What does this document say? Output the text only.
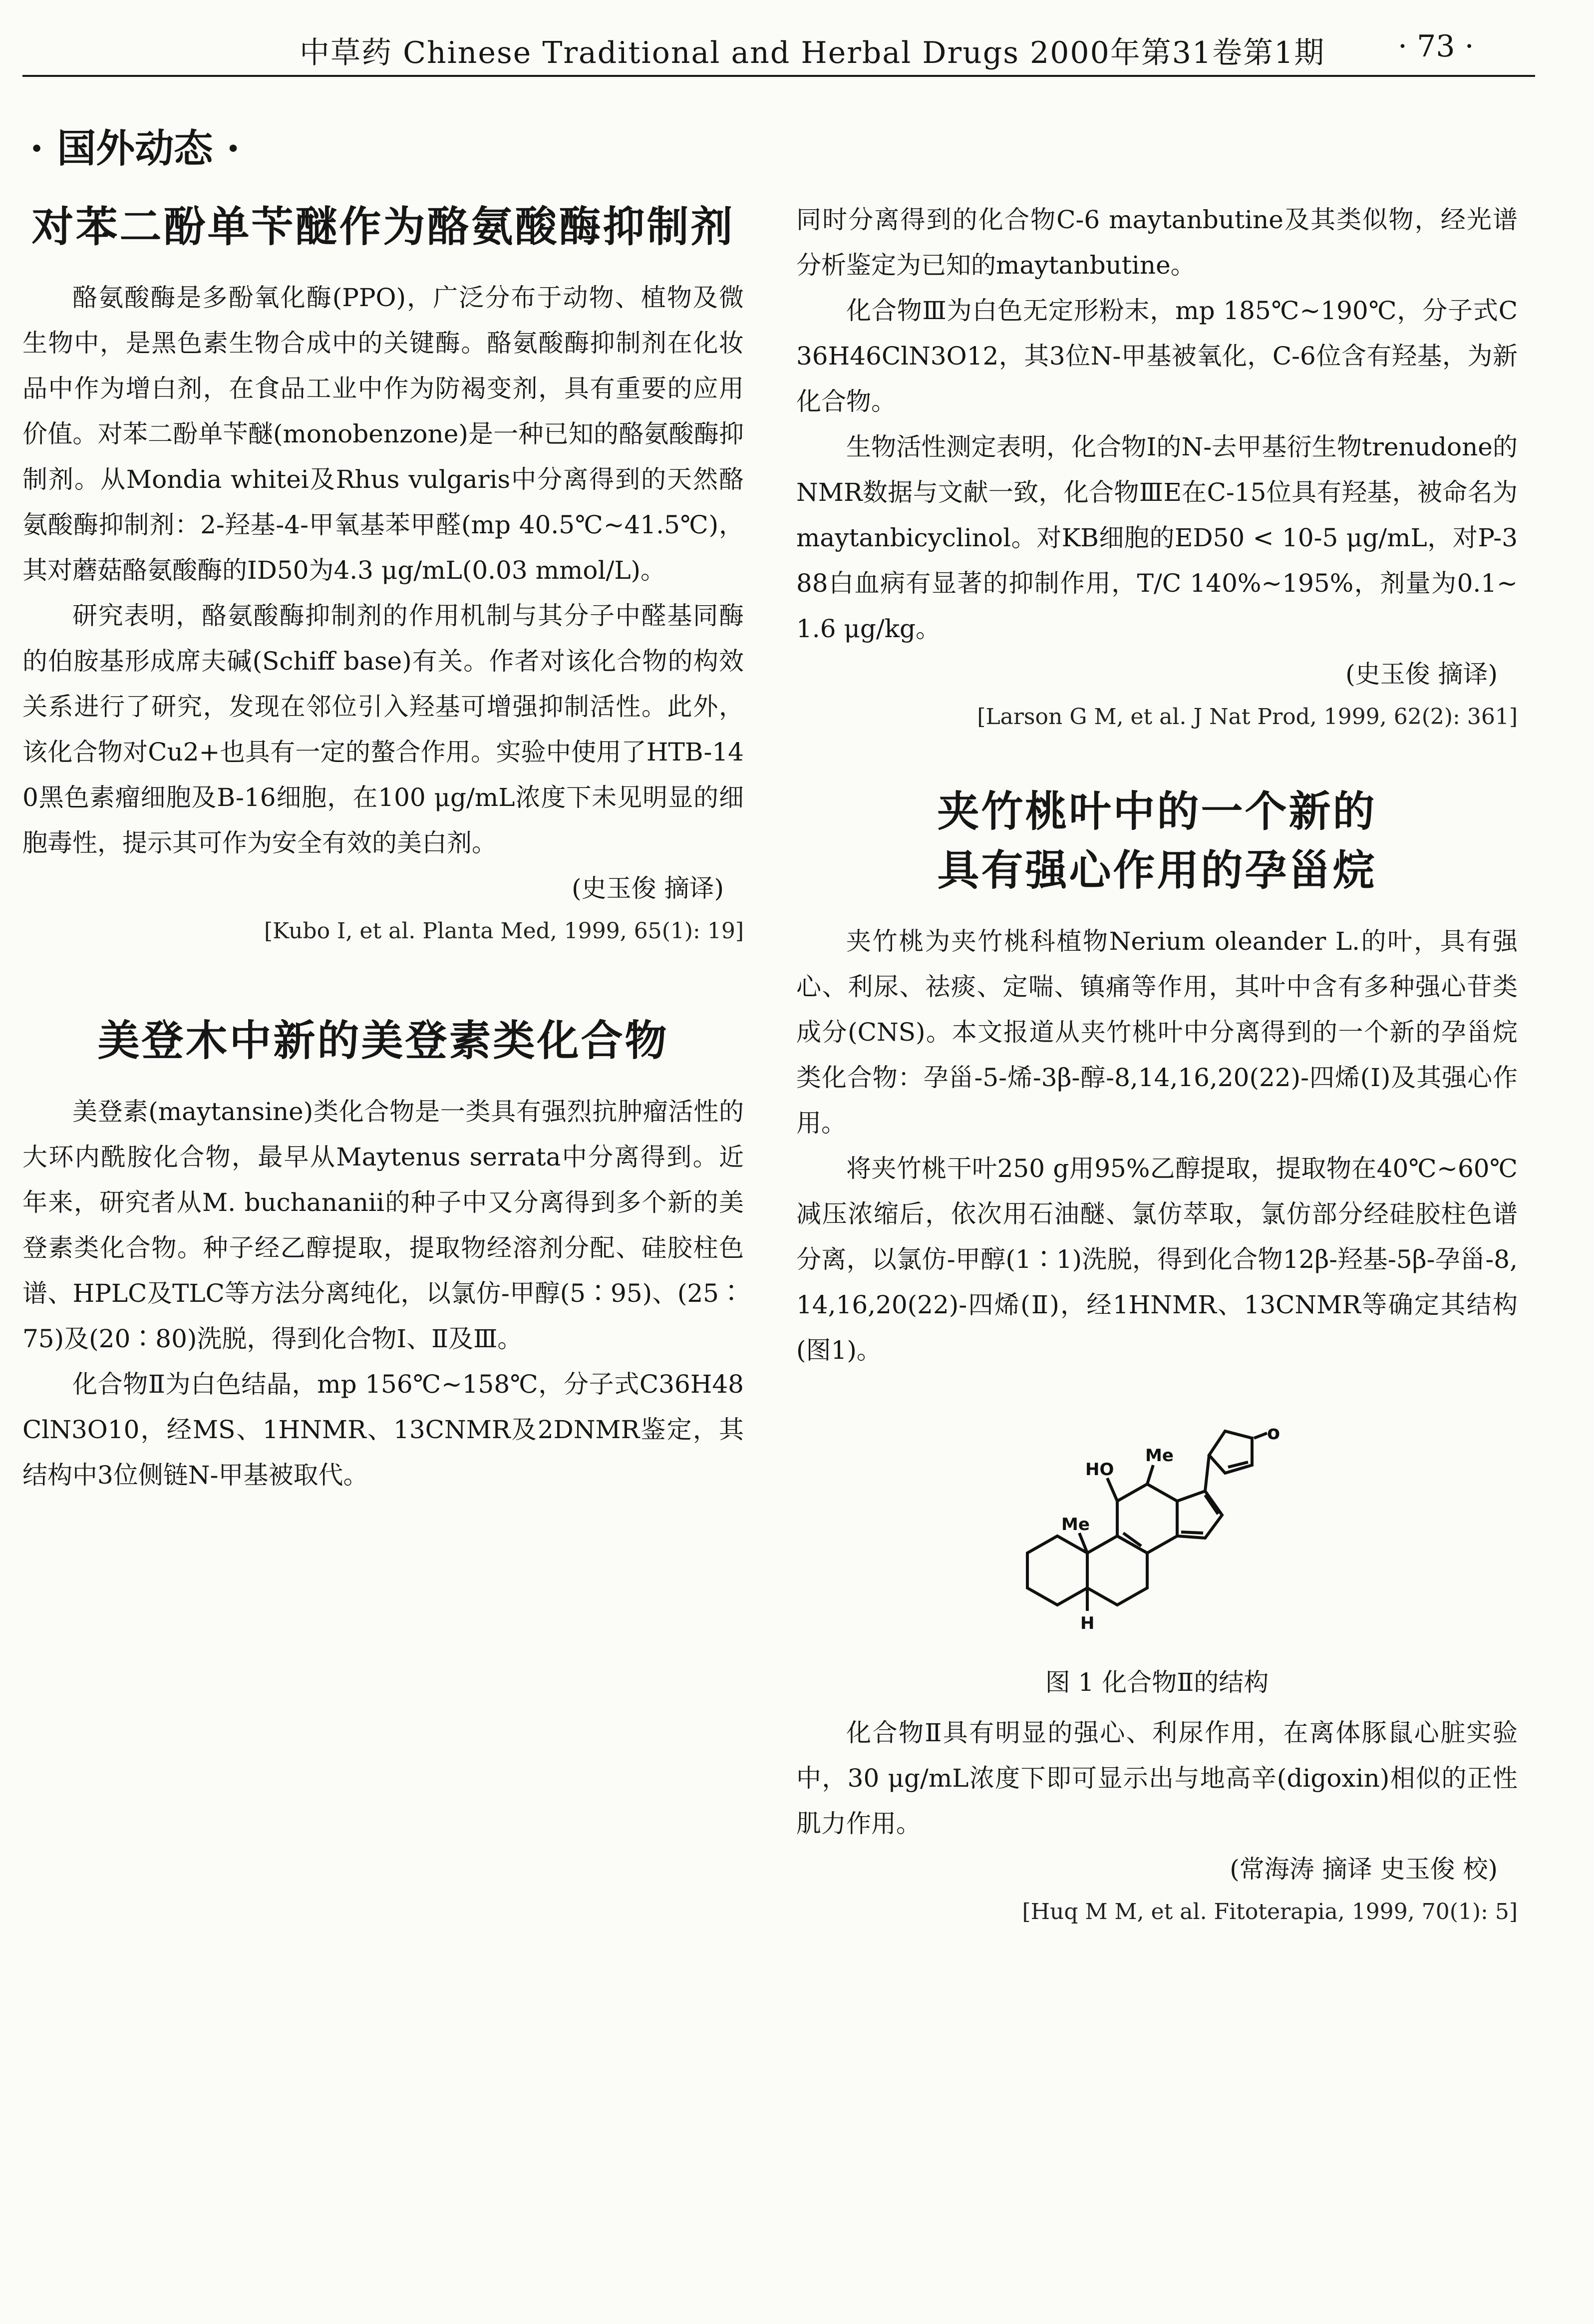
中草药 Chinese Traditional and Herbal Drugs 2000年第31卷第1期 · 73 ·
· 国外动态 ·
对苯二酚单苄醚作为酪氨酸酶抑制剂

酪氨酸酶是多酚氧化酶(PPO)，广泛分布于动物、植物及微生物中，是黑色素生物合成中的关键酶。酪氨酸酶抑制剂在化妆品中作为增白剂，在食品工业中作为防褐变剂，具有重要的应用价值。对苯二酚单苄醚(monobenzone)是一种已知的酪氨酸酶抑制剂。从Mondia whitei及Rhus vulgaris中分离得到的天然酪氨酸酶抑制剂：2-羟基-4-甲氧基苯甲醛(mp 40.5℃~41.5℃)，其对蘑菇酪氨酸酶的ID50为4.3 μg/mL(0.03 mmol/L)。

研究表明，酪氨酸酶抑制剂的作用机制与其分子中醛基同酶的伯胺基形成席夫碱(Schiff base)有关。作者对该化合物的构效关系进行了研究，发现在邻位引入羟基可增强抑制活性。此外，该化合物对Cu2+也具有一定的螯合作用。实验中使用了HTB-140黑色素瘤细胞及B-16细胞，在100 μg/mL浓度下未见明显的细胞毒性，提示其可作为安全有效的美白剂。

(史玉俊 摘译)

[Kubo I, et al. Planta Med, 1999, 65(1): 19]

美登木中新的美登素类化合物

美登素(maytansine)类化合物是一类具有强烈抗肿瘤活性的大环内酰胺化合物，最早从Maytenus serrata中分离得到。近年来，研究者从M. buchananii的种子中又分离得到多个新的美登素类化合物。种子经乙醇提取，提取物经溶剂分配、硅胶柱色谱、HPLC及TLC等方法分离纯化，以氯仿-甲醇(5∶95)、(25∶75)及(20∶80)洗脱，得到化合物Ⅰ、Ⅱ及Ⅲ。

化合物Ⅱ为白色结晶，mp 156℃~158℃，分子式C36H48ClN3O10，经MS、1HNMR、13CNMR及2DNMR鉴定，其结构中3位侧链N-甲基被取代。

同时分离得到的化合物C-6 maytanbutine及其类似物，经光谱分析鉴定为已知的maytanbutine。

化合物Ⅲ为白色无定形粉末，mp 185℃~190℃，分子式C36H46ClN3O12，其3位N-甲基被氧化，C-6位含有羟基，为新化合物。

生物活性测定表明，化合物Ⅰ的N-去甲基衍生物trenudone的NMR数据与文献一致，化合物ⅢE在C-15位具有羟基，被命名为maytanbicyclinol。对KB细胞的ED50 < 10-5 μg/mL，对P-388白血病有显著的抑制作用，T/C 140%~195%，剂量为0.1~1.6 μg/kg。

(史玉俊 摘译)

[Larson G M, et al. J Nat Prod, 1999, 62(2): 361]

夹竹桃叶中的一个新的
具有强心作用的孕甾烷

夹竹桃为夹竹桃科植物Nerium oleander L.的叶，具有强心、利尿、祛痰、定喘、镇痛等作用，其叶中含有多种强心苷类成分(CNS)。本文报道从夹竹桃叶中分离得到的一个新的孕甾烷类化合物：孕甾-5-烯-3β-醇-8,14,16,20(22)-四烯(Ⅰ)及其强心作用。

将夹竹桃干叶250 g用95%乙醇提取，提取物在40℃~60℃减压浓缩后，依次用石油醚、氯仿萃取，氯仿部分经硅胶柱色谱分离，以氯仿-甲醇(1∶1)洗脱，得到化合物12β-羟基-5β-孕甾-8,14,16,20(22)-四烯(Ⅱ)，经1HNMR、13CNMR等确定其结构(图1)。

HO
Me
Me
H
o

图 1 化合物Ⅱ的结构

化合物Ⅱ具有明显的强心、利尿作用，在离体豚鼠心脏实验中，30 μg/mL浓度下即可显示出与地高辛(digoxin)相似的正性肌力作用。

(常海涛 摘译 史玉俊 校)

[Huq M M, et al. Fitoterapia, 1999, 70(1): 5]
